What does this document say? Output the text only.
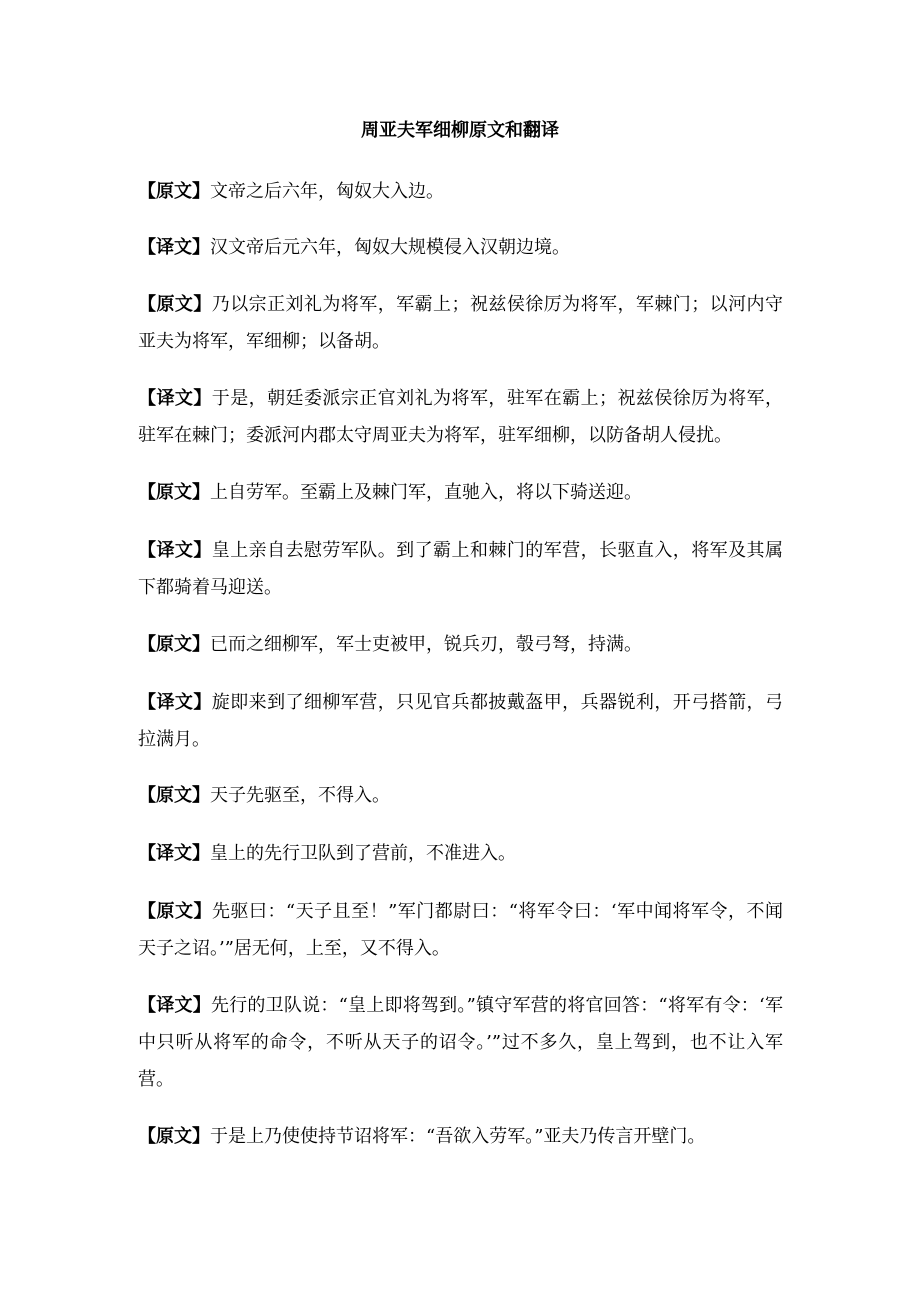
周亚夫军细柳原文和翻译

【原文】文帝之后六年，匈奴大入边。

【译文】汉文帝后元六年，匈奴大规模侵入汉朝边境。

【原文】乃以宗正刘礼为将军，军霸上；祝兹侯徐厉为将军，军棘门；以河内守亚夫为将军，军细柳；以备胡。

【译文】于是，朝廷委派宗正官刘礼为将军，驻军在霸上；祝兹侯徐厉为将军，驻军在棘门；委派河内郡太守周亚夫为将军，驻军细柳，以防备胡人侵扰。

【原文】上自劳军。至霸上及棘门军，直驰入，将以下骑送迎。

【译文】皇上亲自去慰劳军队。到了霸上和棘门的军营，长驱直入，将军及其属下都骑着马迎送。

【原文】已而之细柳军，军士吏被甲，锐兵刃，彀弓弩，持满。

【译文】旋即来到了细柳军营，只见官兵都披戴盔甲，兵器锐利，开弓搭箭，弓拉满月。

【原文】天子先驱至，不得入。

【译文】皇上的先行卫队到了营前，不准进入。

【原文】先驱曰：“天子且至！”军门都尉曰：“将军令曰：‘军中闻将军令，不闻天子之诏。’”居无何，上至，又不得入。

【译文】先行的卫队说：“皇上即将驾到。”镇守军营的将官回答：“将军有令：‘军中只听从将军的命令，不听从天子的诏令。’”过不多久，皇上驾到，也不让入军营。

【原文】于是上乃使使持节诏将军：“吾欲入劳军。”亚夫乃传言开壁门。
